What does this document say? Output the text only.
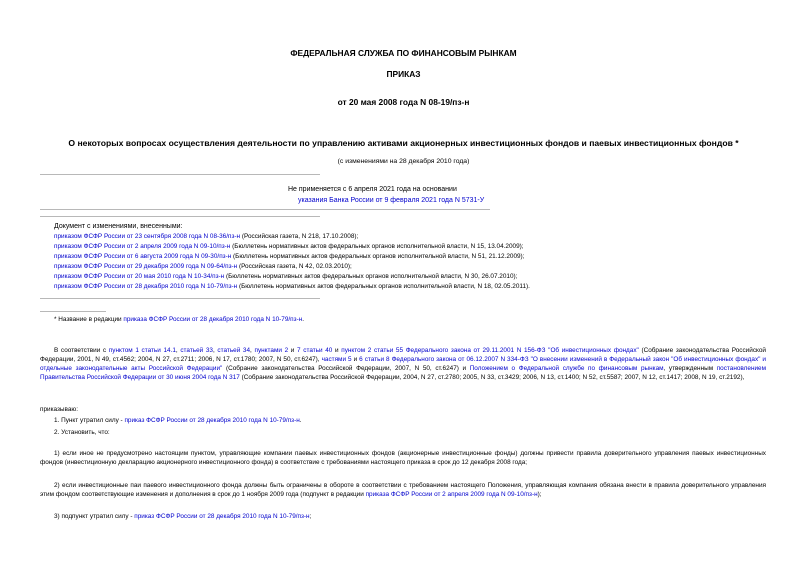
ФЕДЕРАЛЬНАЯ СЛУЖБА ПО ФИНАНСОВЫМ РЫНКАМ
ПРИКАЗ
от 20 мая 2008 года N 08-19/пз-н
О некоторых вопросах осуществления деятельности по управлению активами акционерных инвестиционных фондов и паевых инвестиционных фондов *
(с изменениями на 28 декабря 2010 года)
Не применяется с 6 апреля 2021 года на основании
указания Банка России от 9 февраля 2021 года N 5731-У
Документ с изменениями, внесенными:
приказом ФСФР России от 23 сентября 2008 года N 08-36/пз-н (Российская газета, N 218, 17.10.2008);
приказом ФСФР России от 2 апреля 2009 года N 09-10/пз-н (Бюллетень нормативных актов федеральных органов исполнительной власти, N 15, 13.04.2009);
приказом ФСФР России от 6 августа 2009 года N 09-30/пз-н (Бюллетень нормативных актов федеральных органов исполнительной власти, N 51, 21.12.2009);
приказом ФСФР России от 29 декабря 2009 года N 09-64/пз-н (Российская газета, N 42, 02.03.2010);
приказом ФСФР России от 20 мая 2010 года N 10-34/пз-н (Бюллетень нормативных актов федеральных органов исполнительной власти, N 30, 26.07.2010);
приказом ФСФР России от 28 декабря 2010 года N 10-79/пз-н (Бюллетень нормативных актов федеральных органов исполнительной власти, N 18, 02.05.2011).
* Название в редакции приказа ФСФР России от 28 декабря 2010 года N 10-79/пз-н.
В соответствии с пунктом 1 статьи 14.1, статьей 33, статьей 34, пунктами 2 и 7 статьи 40 и пунктом 2 статьи 55 Федерального закона от 29.11.2001 N 156-ФЗ "Об инвестиционных фондах" (Собрание законодательства Российской Федерации, 2001, N 49, ст.4562; 2004, N 27, ст.2711; 2006, N 17, ст.1780; 2007, N 50, ст.6247), частями 5 и 6 статьи 8 Федерального закона от 06.12.2007 N 334-ФЗ "О внесении изменений в Федеральный закон "Об инвестиционных фондах" и отдельные законодательные акты Российской Федерации" (Собрание законодательства Российской Федерации, 2007, N 50, ст.6247) и Положением о Федеральной службе по финансовым рынкам, утвержденным постановлением Правительства Российской Федерации от 30 июня 2004 года N 317 (Собрание законодательства Российской Федерации, 2004, N 27, ст.2780; 2005, N 33, ст.3429; 2006, N 13, ст.1400; N 52, ст.5587; 2007, N 12, ст.1417; 2008, N 19, ст.2192),
приказываю:
1. Пункт утратил силу - приказ ФСФР России от 28 декабря 2010 года N 10-79/пз-н.
2. Установить, что:
1) если иное не предусмотрено настоящим пунктом, управляющие компании паевых инвестиционных фондов (акционерные инвестиционные фонды) должны привести правила доверительного управления паевых инвестиционных фондов (инвестиционную декларацию акционерного инвестиционного фонда) в соответствие с требованиями настоящего приказа в срок до 12 декабря 2008 года;
2) если инвестиционные паи паевого инвестиционного фонда должны быть ограничены в обороте в соответствии с требованием настоящего Положения, управляющая компания обязана внести в правила доверительного управления этим фондом соответствующие изменения и дополнения в срок до 1 ноября 2009 года (подпункт в редакции приказа ФСФР России от 2 апреля 2009 года N 09-10/пз-н);
3) подпункт утратил силу - приказ ФСФР России от 28 декабря 2010 года N 10-79/пз-н;
